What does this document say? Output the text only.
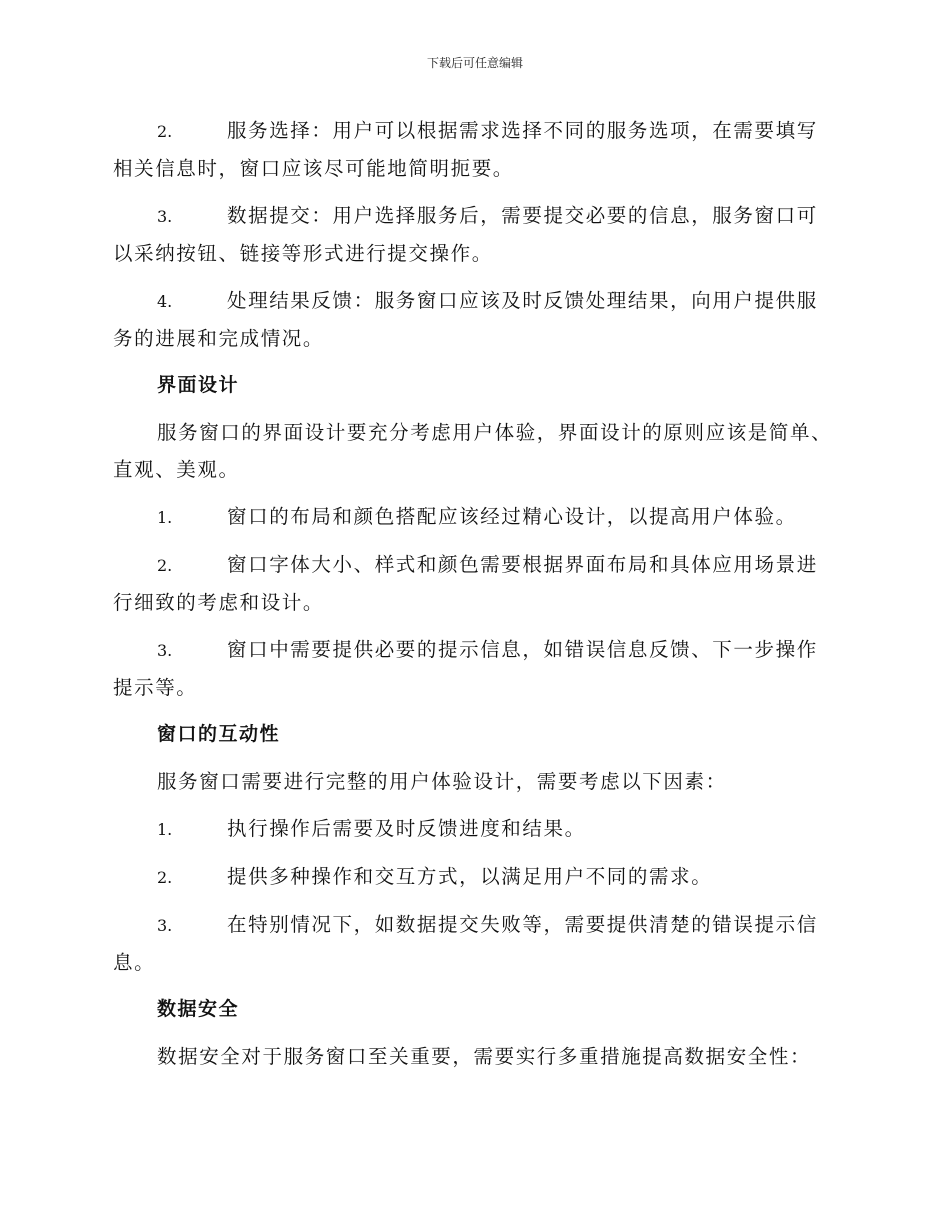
下载后可任意编辑

2.	服务选择：用户可以根据需求选择不同的服务选项，在需要填写相关信息时，窗口应该尽可能地简明扼要。

3.	数据提交：用户选择服务后，需要提交必要的信息，服务窗口可以采纳按钮、链接等形式进行提交操作。

4.	处理结果反馈：服务窗口应该及时反馈处理结果，向用户提供服务的进展和完成情况。

界面设计

服务窗口的界面设计要充分考虑用户体验，界面设计的原则应该是简单、直观、美观。

1.	窗口的布局和颜色搭配应该经过精心设计，以提高用户体验。

2.	窗口字体大小、样式和颜色需要根据界面布局和具体应用场景进行细致的考虑和设计。

3.	窗口中需要提供必要的提示信息，如错误信息反馈、下一步操作提示等。

窗口的互动性

服务窗口需要进行完整的用户体验设计，需要考虑以下因素：

1.	执行操作后需要及时反馈进度和结果。

2.	提供多种操作和交互方式，以满足用户不同的需求。

3.	在特别情况下，如数据提交失败等，需要提供清楚的错误提示信息。

数据安全

数据安全对于服务窗口至关重要，需要实行多重措施提高数据安全性：
